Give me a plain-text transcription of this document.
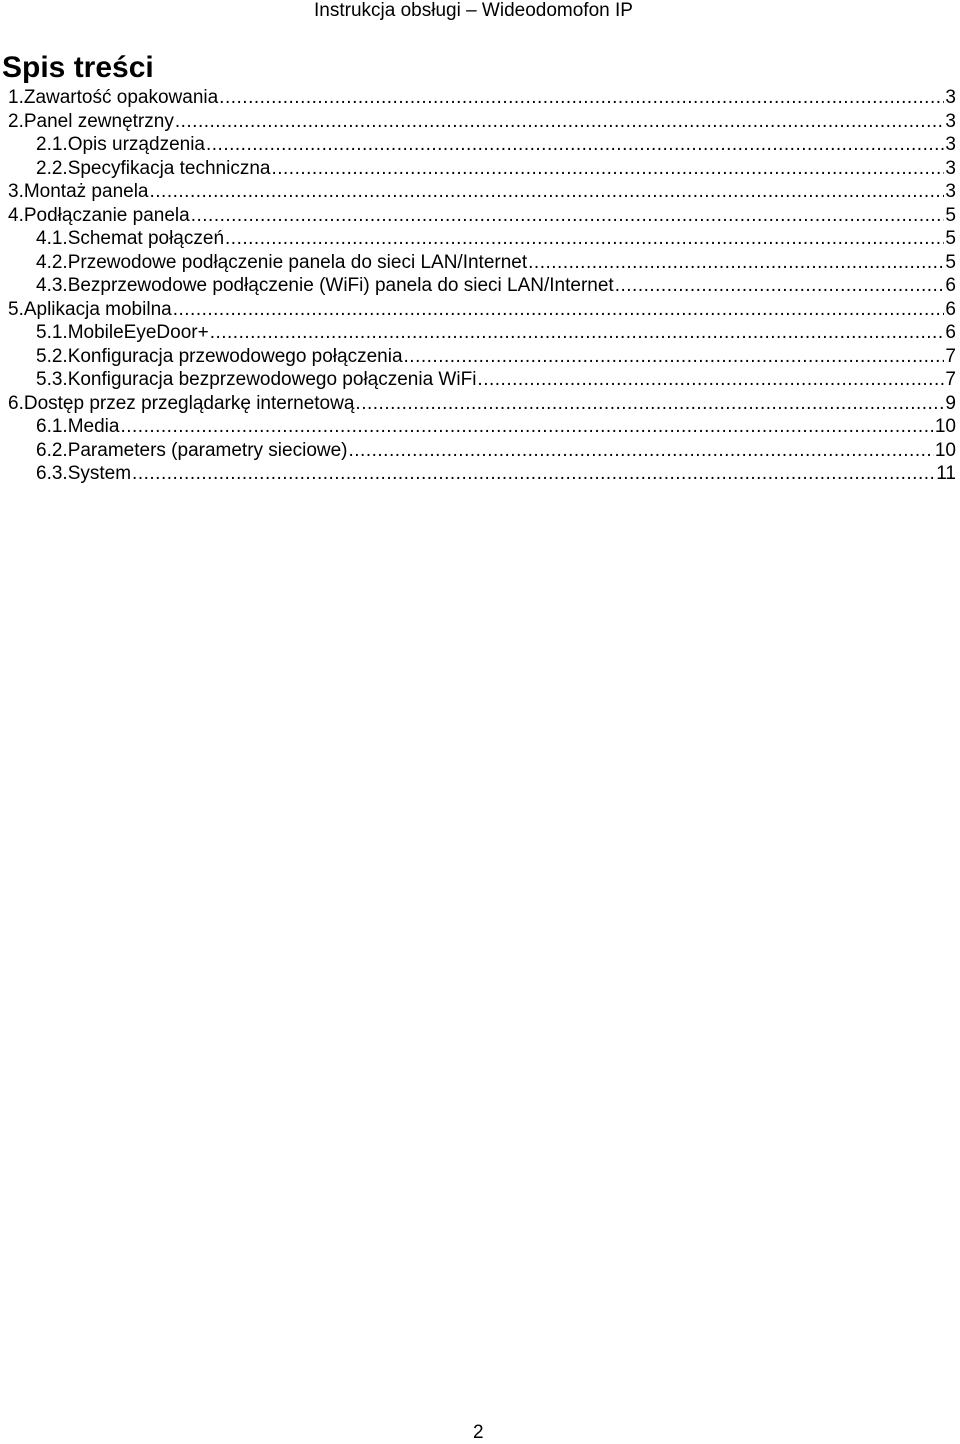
Instrukcja obsługi – Wideodomofon IP
Spis treści
1.Zawartość opakowania .....	3
2.Panel zewnętrzny .....	3
2.1.Opis urządzenia .....	3
2.2.Specyfikacja techniczna .....	3
3.Montaż panela .....	3
4.Podłączanie panela .....	5
4.1.Schemat połączeń .....	5
4.2.Przewodowe podłączenie panela do sieci LAN/Internet .....	5
4.3.Bezprzewodowe podłączenie (WiFi) panela do sieci LAN/Internet .....	6
5.Aplikacja mobilna .....	6
5.1.MobileEyeDoor+ .....	6
5.2.Konfiguracja przewodowego połączenia .....	7
5.3.Konfiguracja bezprzewodowego połączenia WiFi .....	7
6.Dostęp przez przeglądarkę internetową .....	9
6.1.Media .....	10
6.2.Parameters (parametry sieciowe) .....	10
6.3.System .....	11
2
